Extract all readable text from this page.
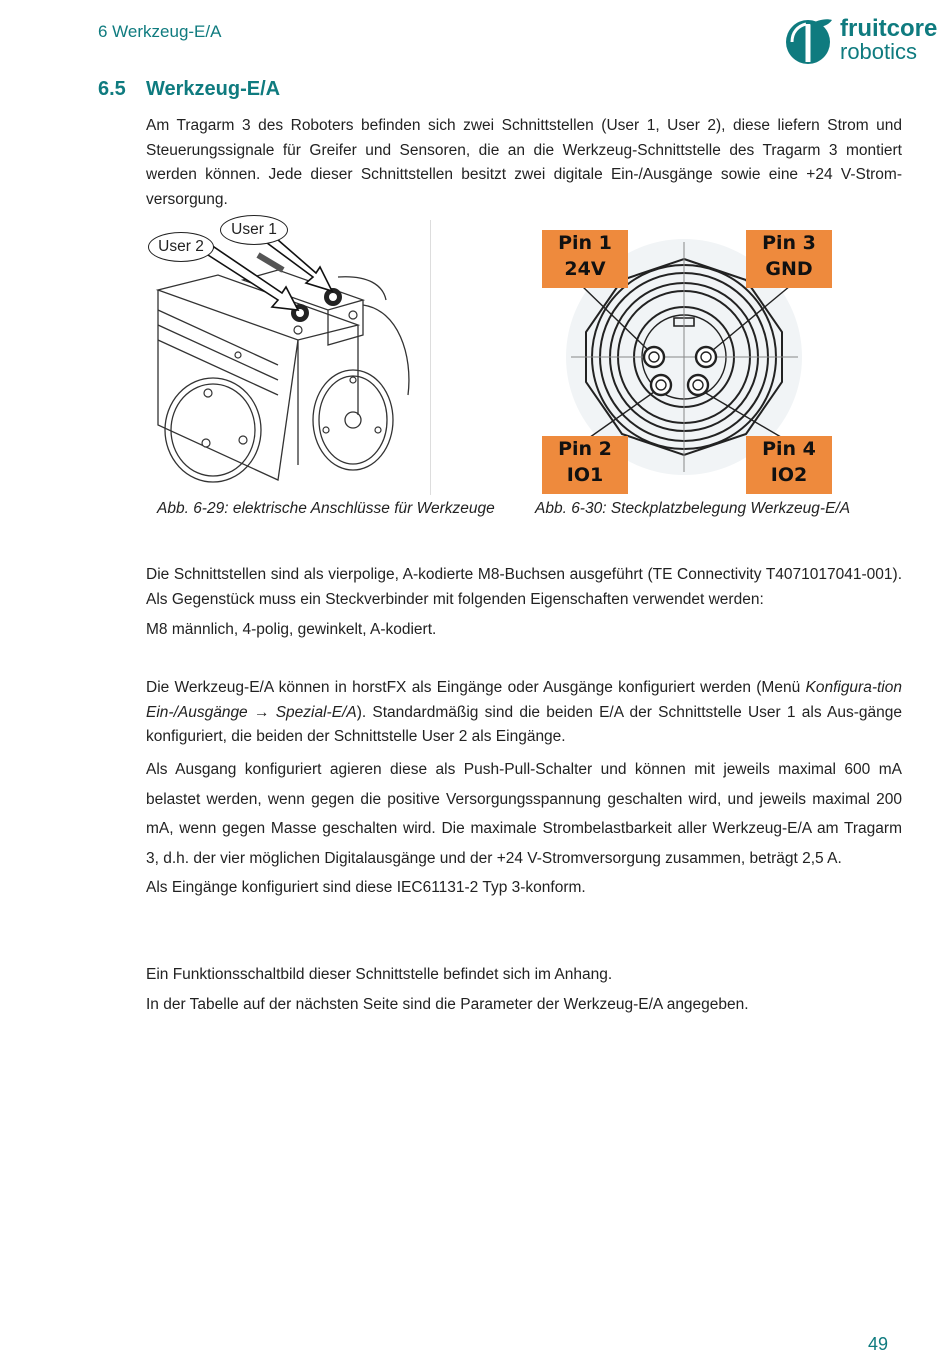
6 Werkzeug-E/A	fruitcore
robotics
6.5 Werkzeug-E/A
Am Tragarm 3 des Roboters befinden sich zwei Schnittstellen (User 1, User 2), diese liefern Strom und Steuerungssignale für Greifer und Sensoren, die an die Werkzeug-Schnittstelle des Tragarm 3 montiert werden können. Jede dieser Schnittstellen besitzt zwei digitale Ein-/Ausgänge sowie eine +24 V-Strom-versorgung.
User 1
User 2	Pin 1
24V
Pin 3
GND
Pin 2
IO1
Pin 4
IO2
Abb. 6-29: elektrische Anschlüsse für Werkzeuge	Abb. 6-30: Steckplatzbelegung Werkzeug-E/A
Die Schnittstellen sind als vierpolige, A-kodierte M8-Buchsen ausgeführt (TE Connectivity T4071017041-001). Als Gegenstück muss ein Steckverbinder mit folgenden Eigenschaften verwendet werden:
M8 männlich, 4-polig, gewinkelt, A-kodiert.
Die Werkzeug-E/A können in horstFX als Eingänge oder Ausgänge konfiguriert werden (Menü Konfigura-tion Ein-/Ausgänge → Spezial-E/A). Standardmäßig sind die beiden E/A der Schnittstelle User 1 als Aus-gänge konfiguriert, die beiden der Schnittstelle User 2 als Eingänge.
Als Ausgang konfiguriert agieren diese als Push-Pull-Schalter und können mit jeweils maximal 600 mA belastet werden, wenn gegen die positive Versorgungsspannung geschalten wird, und jeweils maximal 200 mA, wenn gegen Masse geschalten wird. Die maximale Strombelastbarkeit aller Werkzeug-E/A am Tragarm 3, d.h. der vier möglichen Digitalausgänge und der +24 V-Stromversorgung zusammen, beträgt 2,5 A.
Als Eingänge konfiguriert sind diese IEC61131-2 Typ 3-konform.
Ein Funktionsschaltbild dieser Schnittstelle befindet sich im Anhang.
In der Tabelle auf der nächsten Seite sind die Parameter der Werkzeug-E/A angegeben.
49
